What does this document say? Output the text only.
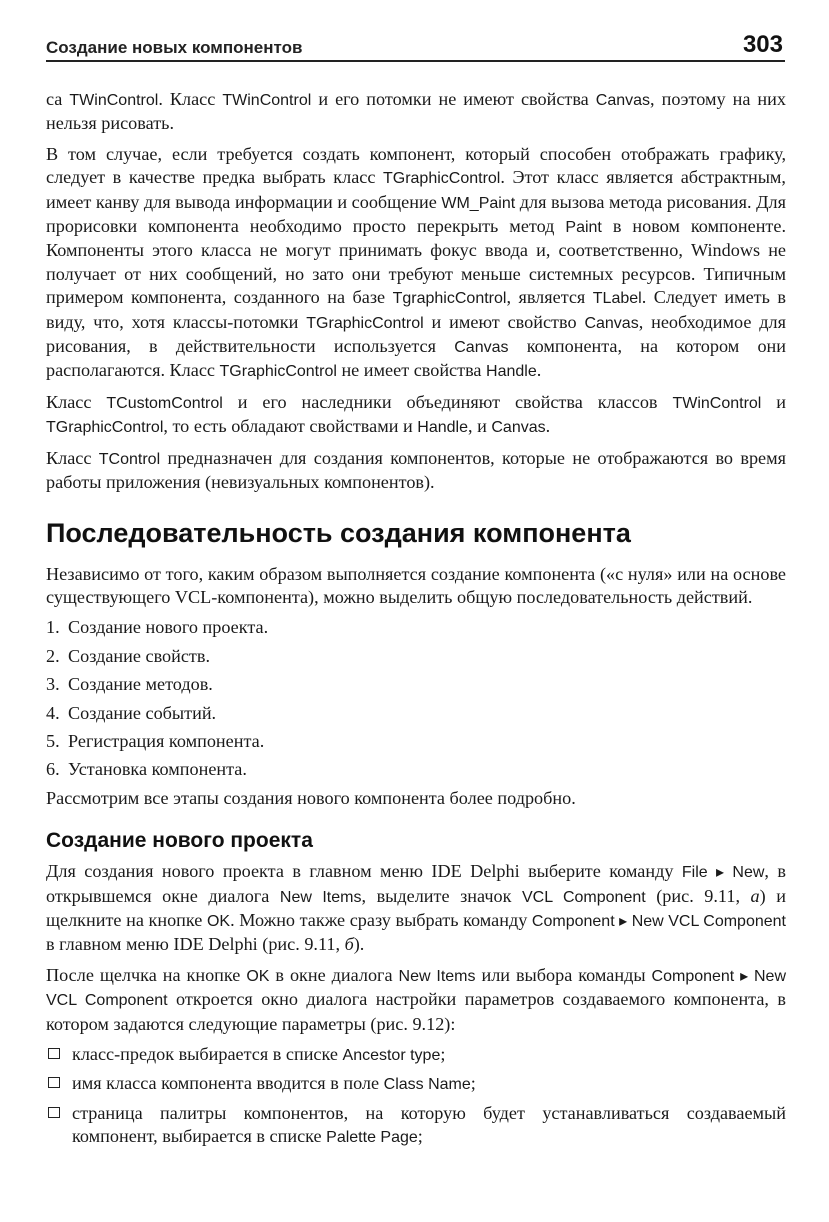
Создание новых компонентов	303

са TWinControl. Класс TWinControl и его потомки не имеют свойства Canvas, поэтому на них нельзя рисовать.

В том случае, если требуется создать компонент, который способен отображать графику, следует в качестве предка выбрать класс TGraphicControl. Этот класс является абстрактным, имеет канву для вывода информации и сообщение WM_Paint для вызова метода рисования. Для прорисовки компонента необходимо просто перекрыть метод Paint в новом компоненте. Компоненты этого класса не могут принимать фокус ввода и, соответственно, Windows не получает от них сообщений, но зато они требуют меньше системных ресурсов. Типичным примером компонента, созданного на базе TgraphicControl, является TLabel. Следует иметь в виду, что, хотя классы-потомки TGraphicControl и имеют свойство Canvas, необходимое для рисования, в действительности используется Canvas компонента, на котором они располагаются. Класс TGraphicControl не имеет свойства Handle.

Класс TCustomControl и его наследники объединяют свойства классов TWinControl и TGraphicControl, то есть обладают свойствами и Handle, и Canvas.

Класс TControl предназначен для создания компонентов, которые не отображаются во время работы приложения (невизуальных компонентов).

Последовательность создания компонента

Независимо от того, каким образом выполняется создание компонента («с нуля» или на основе существующего VCL-компонента), можно выделить общую последовательность действий.

1. Создание нового проекта.
2. Создание свойств.
3. Создание методов.
4. Создание событий.
5. Регистрация компонента.
6. Установка компонента.

Рассмотрим все этапы создания нового компонента более подробно.

Создание нового проекта

Для создания нового проекта в главном меню IDE Delphi выберите команду File ▸ New, в открывшемся окне диалога New Items, выделите значок VCL Component (рис. 9.11, а) и щелкните на кнопке OK. Можно также сразу выбрать команду Component ▸ New VCL Component в главном меню IDE Delphi (рис. 9.11, б).

После щелчка на кнопке OK в окне диалога New Items или выбора команды Component ▸ New VCL Component откроется окно диалога настройки параметров создаваемого компонента, в котором задаются следующие параметры (рис. 9.12):

класс-предок выбирается в списке Ancestor type;
имя класса компонента вводится в поле Class Name;
страница палитры компонентов, на которую будет устанавливаться создаваемый компонент, выбирается в списке Palette Page;
